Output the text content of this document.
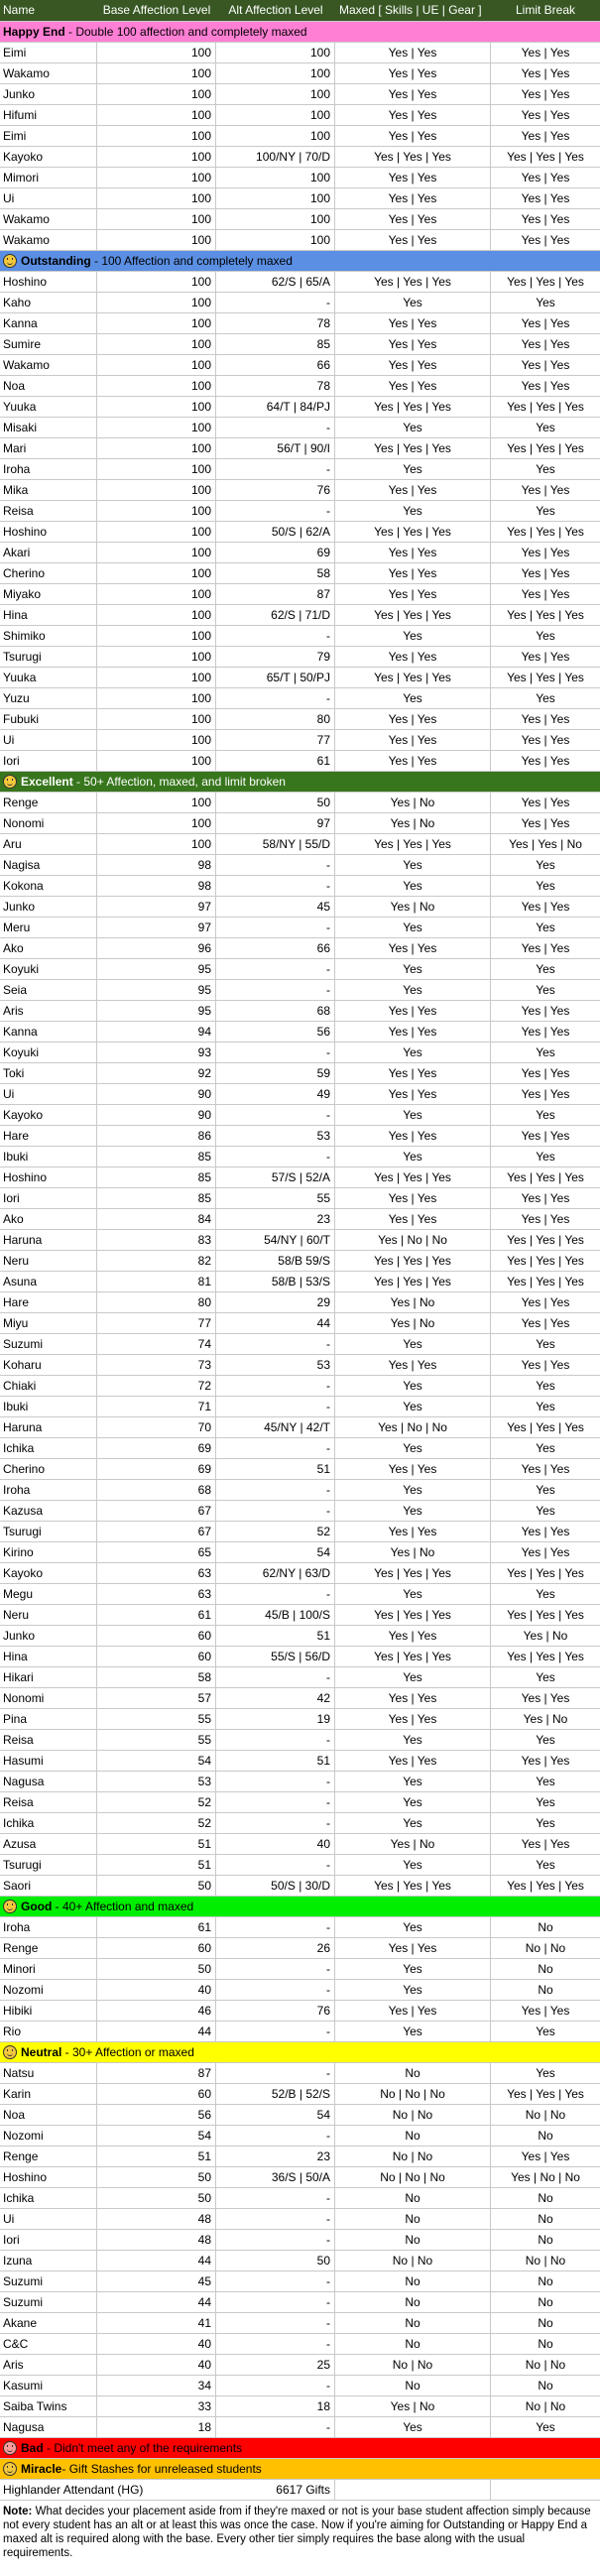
Name	Base Affection Level	Alt Affection Level	Maxed [ Skills | UE | Gear ]	Limit Break
Happy End - Double 100 affection and completely maxed
Eimi	100	100	Yes | Yes	Yes | Yes
Wakamo	100	100	Yes | Yes	Yes | Yes
Junko	100	100	Yes | Yes	Yes | Yes
Hifumi	100	100	Yes | Yes	Yes | Yes
Eimi	100	100	Yes | Yes	Yes | Yes
Kayoko	100	100/NY | 70/D	Yes | Yes | Yes	Yes | Yes | Yes
Mimori	100	100	Yes | Yes	Yes | Yes
Ui	100	100	Yes | Yes	Yes | Yes
Wakamo	100	100	Yes | Yes	Yes | Yes
Wakamo	100	100	Yes | Yes	Yes | Yes
Outstanding - 100 Affection and completely maxed
Hoshino	100	62/S | 65/A	Yes | Yes | Yes	Yes | Yes | Yes
Kaho	100	-	Yes	Yes
Kanna	100	78	Yes | Yes	Yes | Yes
Sumire	100	85	Yes | Yes	Yes | Yes
Wakamo	100	66	Yes | Yes	Yes | Yes
Noa	100	78	Yes | Yes	Yes | Yes
Yuuka	100	64/T | 84/PJ	Yes | Yes | Yes	Yes | Yes | Yes
Misaki	100	-	Yes	Yes
Mari	100	56/T | 90/I	Yes | Yes | Yes	Yes | Yes | Yes
Iroha	100	-	Yes	Yes
Mika	100	76	Yes | Yes	Yes | Yes
Reisa	100	-	Yes	Yes
Hoshino	100	50/S | 62/A	Yes | Yes | Yes	Yes | Yes | Yes
Akari	100	69	Yes | Yes	Yes | Yes
Cherino	100	58	Yes | Yes	Yes | Yes
Miyako	100	87	Yes | Yes	Yes | Yes
Hina	100	62/S | 71/D	Yes | Yes | Yes	Yes | Yes | Yes
Shimiko	100	-	Yes	Yes
Tsurugi	100	79	Yes | Yes	Yes | Yes
Yuuka	100	65/T | 50/PJ	Yes | Yes | Yes	Yes | Yes | Yes
Yuzu	100	-	Yes	Yes
Fubuki	100	80	Yes | Yes	Yes | Yes
Ui	100	77	Yes | Yes	Yes | Yes
Iori	100	61	Yes | Yes	Yes | Yes
Excellent - 50+ Affection, maxed, and limit broken
Renge	100	50	Yes | No	Yes | Yes
Nonomi	100	97	Yes | No	Yes | Yes
Aru	100	58/NY | 55/D	Yes | Yes | Yes	Yes | Yes | No
Nagisa	98	-	Yes	Yes
Kokona	98	-	Yes	Yes
Junko	97	45	Yes | No	Yes | Yes
Meru	97	-	Yes	Yes
Ako	96	66	Yes | Yes	Yes | Yes
Koyuki	95	-	Yes	Yes
Seia	95	-	Yes	Yes
Aris	95	68	Yes | Yes	Yes | Yes
Kanna	94	56	Yes | Yes	Yes | Yes
Koyuki	93	-	Yes	Yes
Toki	92	59	Yes | Yes	Yes | Yes
Ui	90	49	Yes | Yes	Yes | Yes
Kayoko	90	-	Yes	Yes
Hare	86	53	Yes | Yes	Yes | Yes
Ibuki	85	-	Yes	Yes
Hoshino	85	57/S | 52/A	Yes | Yes | Yes	Yes | Yes | Yes
Iori	85	55	Yes | Yes	Yes | Yes
Ako	84	23	Yes | Yes	Yes | Yes
Haruna	83	54/NY | 60/T	Yes | No | No	Yes | Yes | Yes
Neru	82	58/B 59/S	Yes | Yes | Yes	Yes | Yes | Yes
Asuna	81	58/B | 53/S	Yes | Yes | Yes	Yes | Yes | Yes
Hare	80	29	Yes | No	Yes | Yes
Miyu	77	44	Yes | No	Yes | Yes
Suzumi	74	-	Yes	Yes
Koharu	73	53	Yes | Yes	Yes | Yes
Chiaki	72	-	Yes	Yes
Ibuki	71	-	Yes	Yes
Haruna	70	45/NY | 42/T	Yes | No | No	Yes | Yes | Yes
Ichika	69	-	Yes	Yes
Cherino	69	51	Yes | Yes	Yes | Yes
Iroha	68	-	Yes	Yes
Kazusa	67	-	Yes	Yes
Tsurugi	67	52	Yes | Yes	Yes | Yes
Kirino	65	54	Yes | No	Yes | Yes
Kayoko	63	62/NY | 63/D	Yes | Yes | Yes	Yes | Yes | Yes
Megu	63	-	Yes	Yes
Neru	61	45/B | 100/S	Yes | Yes | Yes	Yes | Yes | Yes
Junko	60	51	Yes | Yes	Yes | No
Hina	60	55/S | 56/D	Yes | Yes | Yes	Yes | Yes | Yes
Hikari	58	-	Yes	Yes
Nonomi	57	42	Yes | Yes	Yes | Yes
Pina	55	19	Yes | Yes	Yes | No
Reisa	55	-	Yes	Yes
Hasumi	54	51	Yes | Yes	Yes | Yes
Nagusa	53	-	Yes	Yes
Reisa	52	-	Yes	Yes
Ichika	52	-	Yes	Yes
Azusa	51	40	Yes | No	Yes | Yes
Tsurugi	51	-	Yes	Yes
Saori	50	50/S | 30/D	Yes | Yes | Yes	Yes | Yes | Yes
Good - 40+ Affection and maxed
Iroha	61	-	Yes	No
Renge	60	26	Yes | Yes	No | No
Minori	50	-	Yes	No
Nozomi	40	-	Yes	No
Hibiki	46	76	Yes | Yes	Yes | Yes
Rio	44	-	Yes	Yes
Neutral - 30+ Affection or maxed
Natsu	87	-	No	Yes
Karin	60	52/B | 52/S	No | No | No	Yes | Yes | Yes
Noa	56	54	No | No	No | No
Nozomi	54	-	No	No
Renge	51	23	No | No	Yes | Yes
Hoshino	50	36/S | 50/A	No | No | No	Yes | No | No
Ichika	50	-	No	No
Ui	48	-	No	No
Iori	48	-	No	No
Izuna	44	50	No | No	No | No
Suzumi	45	-	No	No
Suzumi	44	-	No	No
Akane	41	-	No	No
C&C	40	-	No	No
Aris	40	25	No | No	No | No
Kasumi	34	-	No	No
Saiba Twins	33	18	Yes | No	No | No
Nagusa	18	-	Yes	Yes
Bad - Didn't meet any of the requirements
Miracle- Gift Stashes for unreleased students
Highlander Attendant (HG)	6617 Gifts
Note: What decides your placement aside from if they're maxed or not is your base student affection simply because not every student has an alt or at least this was once the case. Now if you're aiming for Outstanding or Happy End a maxed alt is required along with the base. Every other tier simply requires the base along with the usual requirements.
